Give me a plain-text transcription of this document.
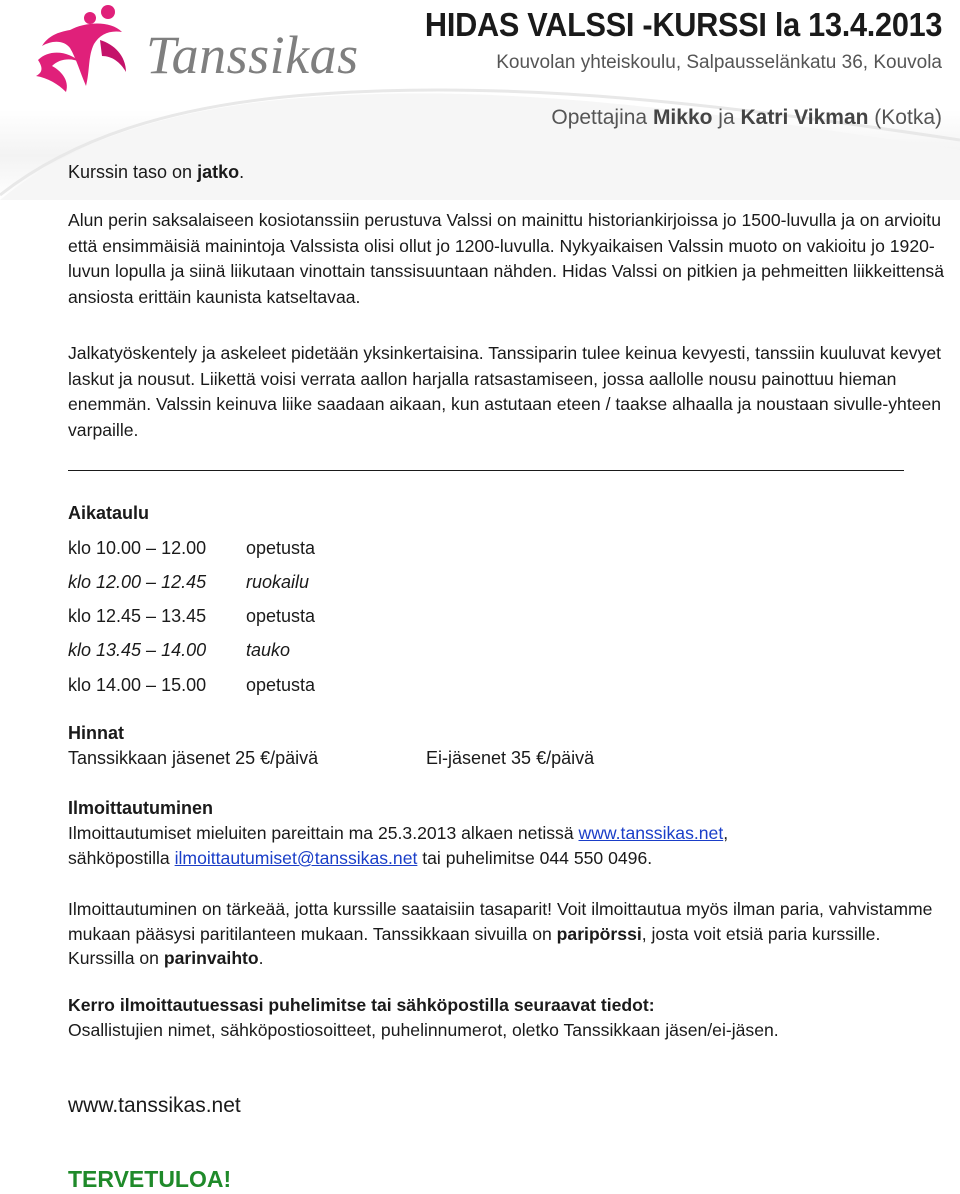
Tanssikas
HIDAS VALSSI -KURSSI la 13.4.2013
Kouvolan yhteiskoulu, Salpausselänkatu 36, Kouvola
Opettajina Mikko ja Katri Vikman (Kotka)
Kurssin taso on jatko.

Alun perin saksalaiseen kosiotanssiin perustuva Valssi on mainittu historiankirjoissa jo 1500-luvulla ja on arvioitu että ensimmäisiä mainintoja Valssista olisi ollut jo 1200-luvulla. Nykyaikaisen Valssin muoto on vakioitu jo 1920-luvun lopulla ja siinä liikutaan vinottain tanssisuuntaan nähden. Hidas Valssi on pitkien ja pehmeitten liikkeittensä ansiosta erittäin kaunista katseltavaa.

Jalkatyöskentely ja askeleet pidetään yksinkertaisina. Tanssiparin tulee keinua kevyesti, tanssiin kuuluvat kevyet laskut ja nousut. Liikettä voisi verrata aallon harjalla ratsastamiseen, jossa aallolle nousu painottuu hieman enemmän. Valssin keinuva liike saadaan aikaan, kun astutaan eteen / taakse alhaalla ja noustaan sivulle-yhteen varpaille.

Aikataulu
klo 10.00 – 12.00 opetusta
klo 12.00 – 12.45 ruokailu
klo 12.45 – 13.45 opetusta
klo 13.45 – 14.00 tauko
klo 14.00 – 15.00 opetusta
Hinnat
Tanssikkaan jäsenet 25 €/päivä	Ei-jäsenet 35 €/päivä
Ilmoittautuminen
Ilmoittautumiset mieluiten pareittain ma 25.3.2013 alkaen netissä www.tanssikas.net,
sähköpostilla ilmoittautumiset@tanssikas.net tai puhelimitse 044 550 0496.

Ilmoittautuminen on tärkeää, jotta kurssille saataisiin tasaparit! Voit ilmoittautua myös ilman paria, vahvistamme mukaan pääsysi paritilanteen mukaan. Tanssikkaan sivuilla on paripörssi, josta voit etsiä paria kurssille. Kurssilla on parinvaihto.

Kerro ilmoittautuessasi puhelimitse tai sähköpostilla seuraavat tiedot:
Osallistujien nimet, sähköpostiosoitteet, puhelinnumerot, oletko Tanssikkaan jäsen/ei-jäsen.
www.tanssikas.net
TERVETULOA!
